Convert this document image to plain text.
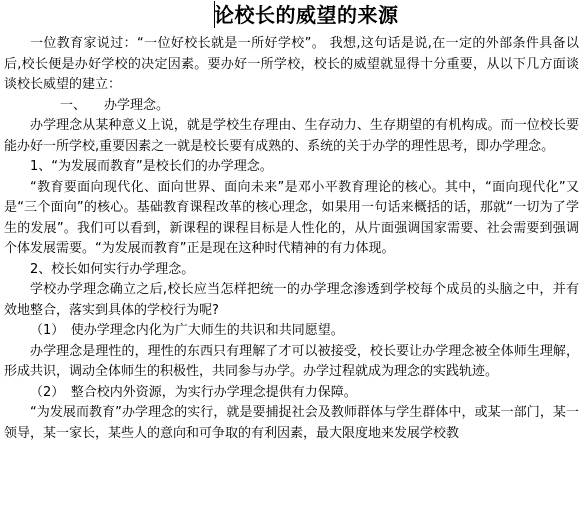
论校长的威望的来源

一位教育家说过：“一位好校长就是一所好学校”。 我想,这句话是说,在一定的外部条件具备以后,校长便是办好学校的决定因素。要办好一所学校，校长的威望就显得十分重要，从以下几方面谈谈校长威望的建立：

一、 办学理念。

办学理念从某种意义上说，就是学校生存理由、生存动力、生存期望的有机构成。而一位校长要能办好一所学校,重要因素之一就是校长要有成熟的、系统的关于办学的理性思考，即办学理念。

1、“为发展而教育”是校长们的办学理念。

“教育要面向现代化、面向世界、面向未来”是邓小平教育理论的核心。其中，“面向现代化”又是“三个面向”的核心。基础教育课程改革的核心理念，如果用一句话来概括的话，那就“一切为了学生的发展”。我们可以看到，新课程的课程目标是人性化的，从片面强调国家需要、社会需要到强调个体发展需要。“为发展而教育”正是现在这种时代精神的有力体现。

2、校长如何实行办学理念。

学校办学理念确立之后,校长应当怎样把统一的办学理念渗透到学校每个成员的头脑之中，并有效地整合，落实到具体的学校行为呢?

（1）　使办学理念内化为广大师生的共识和共同愿望。

办学理念是理性的，理性的东西只有理解了才可以被接受，校长要让办学理念被全体师生理解，形成共识，调动全体师生的积极性，共同参与办学。办学过程就成为理念的实践轨迹。

（2）　整合校内外资源，为实行办学理念提供有力保障。

“为发展而教育”办学理念的实行，就是要捕捉社会及教师群体与学生群体中，或某一部门，某一领导，某一家长，某些人的意向和可争取的有利因素，最大限度地来发展学校教
